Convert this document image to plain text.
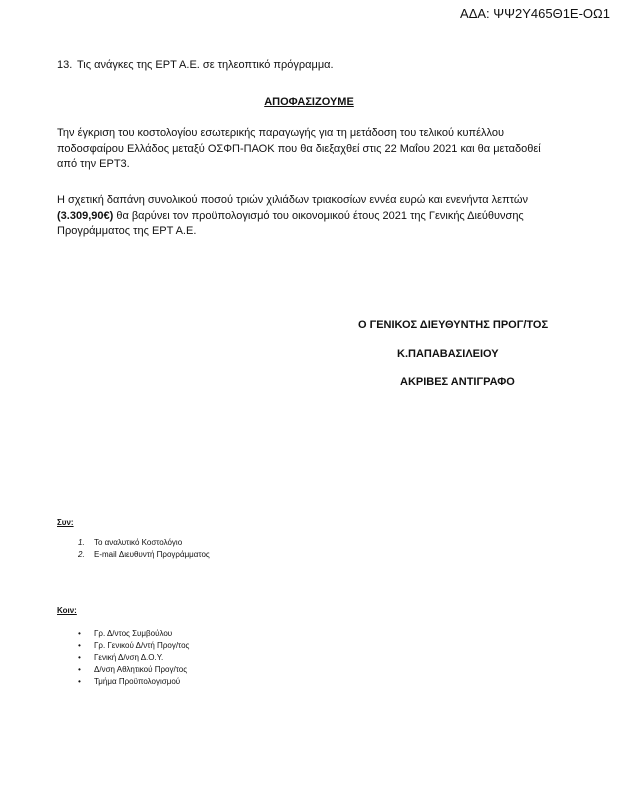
ΑΔΑ: ΨΨ2Υ465Θ1Ε-ΟΩ1
13. Τις ανάγκες της ΕΡΤ Α.Ε. σε τηλεοπτικό πρόγραμμα.
ΑΠΟΦΑΣΙΖΟΥΜΕ
Την έγκριση του κοστολογίου εσωτερικής παραγωγής για τη μετάδοση του τελικού κυπέλλου ποδοσφαίρου Ελλάδος μεταξύ ΟΣΦΠ-ΠΑΟΚ που θα διεξαχθεί στις 22 Μαΐου 2021 και θα μεταδοθεί από την ΕΡΤ3.
Η σχετική δαπάνη συνολικού ποσού τριών χιλιάδων τριακοσίων εννέα ευρώ και ενενήντα λεπτών (3.309,90€) θα βαρύνει τον προϋπολογισμό του οικονομικού έτους 2021 της Γενικής Διεύθυνσης Προγράμματος της ΕΡΤ Α.Ε.
Ο ΓΕΝΙΚΟΣ ΔΙΕΥΘΥΝΤΗΣ ΠΡΟΓ/ΤΟΣ
Κ.ΠΑΠΑΒΑΣΙΛΕΙΟΥ
ΑΚΡΙΒΕΣ ΑΝΤΙΓΡΑΦΟ
Συν:
1. Το αναλυτικό Κοστολόγιο
2. E-mail Διευθυντή Προγράμματος
Κοιν:
• Γρ. Δ/ντος Συμβούλου
• Γρ. Γενικού Δ/ντή Προγ/τος
• Γενική Δ/νση Δ.Ο.Υ.
• Δ/νση Αθλητικού Προγ/τος
• Τμήμα Προϋπολογισμού
